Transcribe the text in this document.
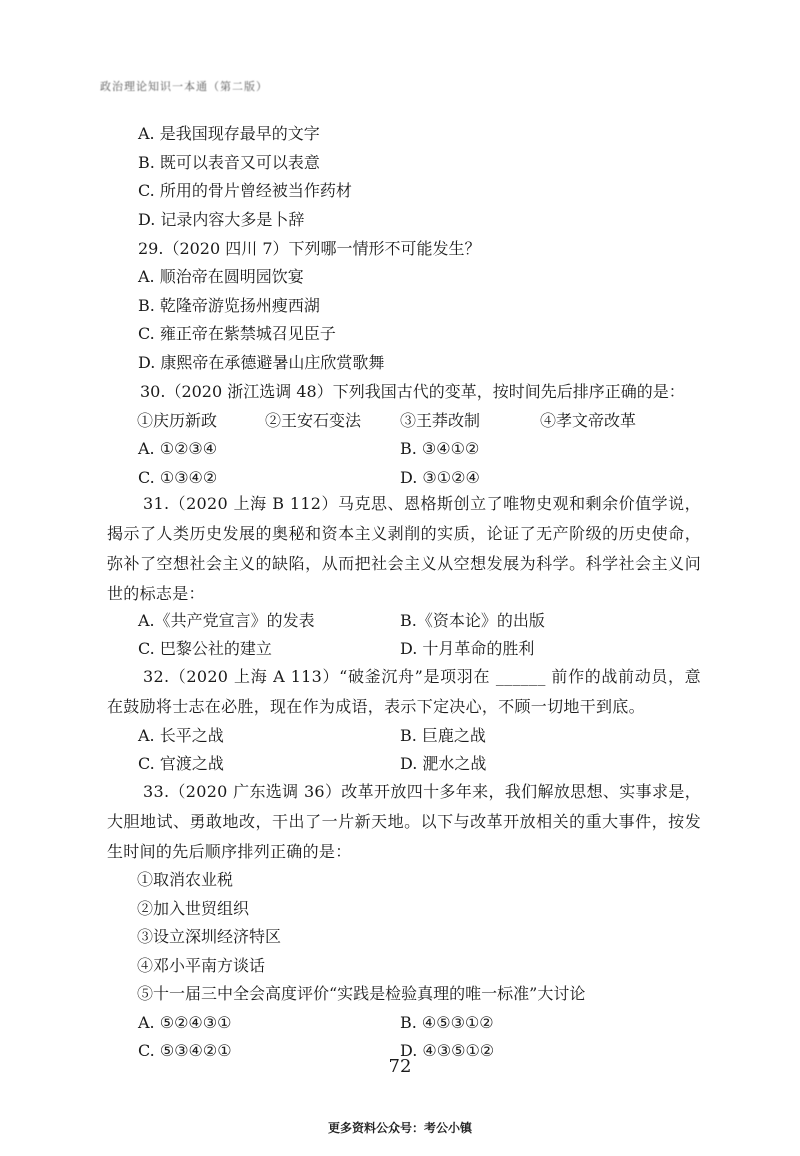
政治理论知识一本通（第二版）
A. 是我国现存最早的文字
B. 既可以表音又可以表意
C. 所用的骨片曾经被当作药材
D. 记录内容大多是卜辞
29.（2020 四川 7）下列哪一情形不可能发生？
A. 顺治帝在圆明园饮宴
B. 乾隆帝游览扬州瘦西湖
C. 雍正帝在紫禁城召见臣子
D. 康熙帝在承德避暑山庄欣赏歌舞
30.（2020 浙江选调 48）下列我国古代的变革，按时间先后排序正确的是：
①庆历新政	②王安石变法 ③王莽改制	④孝文帝改革
A. ①②③④	B. ③④①②
C. ①③④②	D. ③①②④
31.（2020 上海 B 112）马克思、恩格斯创立了唯物史观和剩余价值学说，揭示了人类历史发展的奥秘和资本主义剥削的实质，论证了无产阶级的历史使命，弥补了空想社会主义的缺陷，从而把社会主义从空想发展为科学。科学社会主义问世的标志是：
A.《共产党宣言》的发表	B.《资本论》的出版
C. 巴黎公社的建立	D. 十月革命的胜利
32.（2020 上海 A 113）“破釜沉舟”是项羽在 ______ 前作的战前动员，意在鼓励将士志在必胜，现在作为成语，表示下定决心，不顾一切地干到底。
A. 长平之战	B. 巨鹿之战
C. 官渡之战	D. 淝水之战
33.（2020 广东选调 36）改革开放四十多年来，我们解放思想、实事求是，大胆地试、勇敢地改，干出了一片新天地。以下与改革开放相关的重大事件，按发生时间的先后顺序排列正确的是：
①取消农业税
②加入世贸组织
③设立深圳经济特区
④邓小平南方谈话
⑤十一届三中全会高度评价“实践是检验真理的唯一标准”大讨论
A. ⑤②④③①	B. ④⑤③①②
C. ⑤③④②①	D. ④③⑤①②
72
更多资料公众号：考公小镇
